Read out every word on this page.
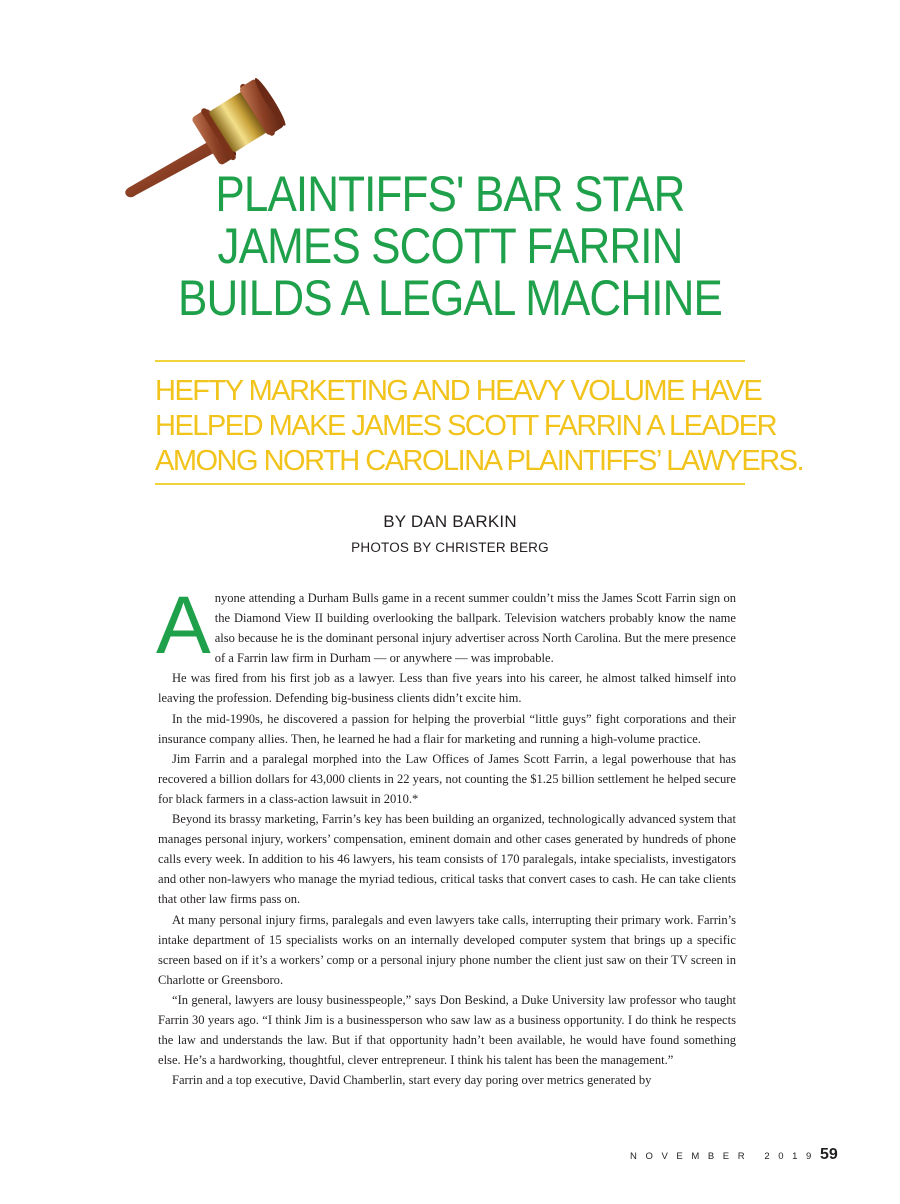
PLAINTIFFS' BAR STAR
JAMES SCOTT FARRIN
BUILDS A LEGAL MACHINE
HEFTY MARKETING AND HEAVY VOLUME HAVE
HELPED MAKE JAMES SCOTT FARRIN A LEADER
AMONG NORTH CAROLINA PLAINTIFFS’ LAWYERS.
BY DAN BARKIN
PHOTOS BY CHRISTER BERG

Anyone attending a Durham Bulls game in a recent summer couldn’t miss the James Scott Farrin sign on the Diamond View II building overlooking the ballpark. Television watchers probably know the name also because he is the dominant personal injury advertiser across North Carolina. But the mere presence of a Farrin law firm in Durham — or anywhere — was improbable.

He was fired from his first job as a lawyer. Less than five years into his career, he almost talked himself into leaving the profession. Defending big-business clients didn’t excite him.

In the mid-1990s, he discovered a passion for helping the proverbial “little guys” fight corporations and their insurance company allies. Then, he learned he had a flair for marketing and running a high-volume practice.

Jim Farrin and a paralegal morphed into the Law Offices of James Scott Farrin, a legal powerhouse that has recovered a billion dollars for 43,000 clients in 22 years, not counting the $1.25 billion settlement he helped secure for black farmers in a class-action lawsuit in 2010.*

Beyond its brassy marketing, Farrin’s key has been building an organized, technologically advanced system that manages personal injury, workers’ compensation, eminent domain and other cases generated by hundreds of phone calls every week. In addition to his 46 lawyers, his team consists of 170 paralegals, intake specialists, investigators and other non-lawyers who manage the myriad tedious, critical tasks that convert cases to cash. He can take clients that other law firms pass on.

At many personal injury firms, paralegals and even lawyers take calls, interrupting their primary work. Farrin’s intake department of 15 specialists works on an internally developed computer system that brings up a specific screen based on if it’s a workers’ comp or a personal injury phone number the client just saw on their TV screen in Charlotte or Greensboro.

“In general, lawyers are lousy businesspeople,” says Don Beskind, a Duke University law professor who taught Farrin 30 years ago. “I think Jim is a businessperson who saw law as a business opportunity. I do think he respects the law and understands the law. But if that opportunity hadn’t been available, he would have found something else. He’s a hardworking, thoughtful, clever entrepreneur. I think his talent has been the management.”

Farrin and a top executive, David Chamberlin, start every day poring over metrics generated by

NOVEMBER 2019 59
